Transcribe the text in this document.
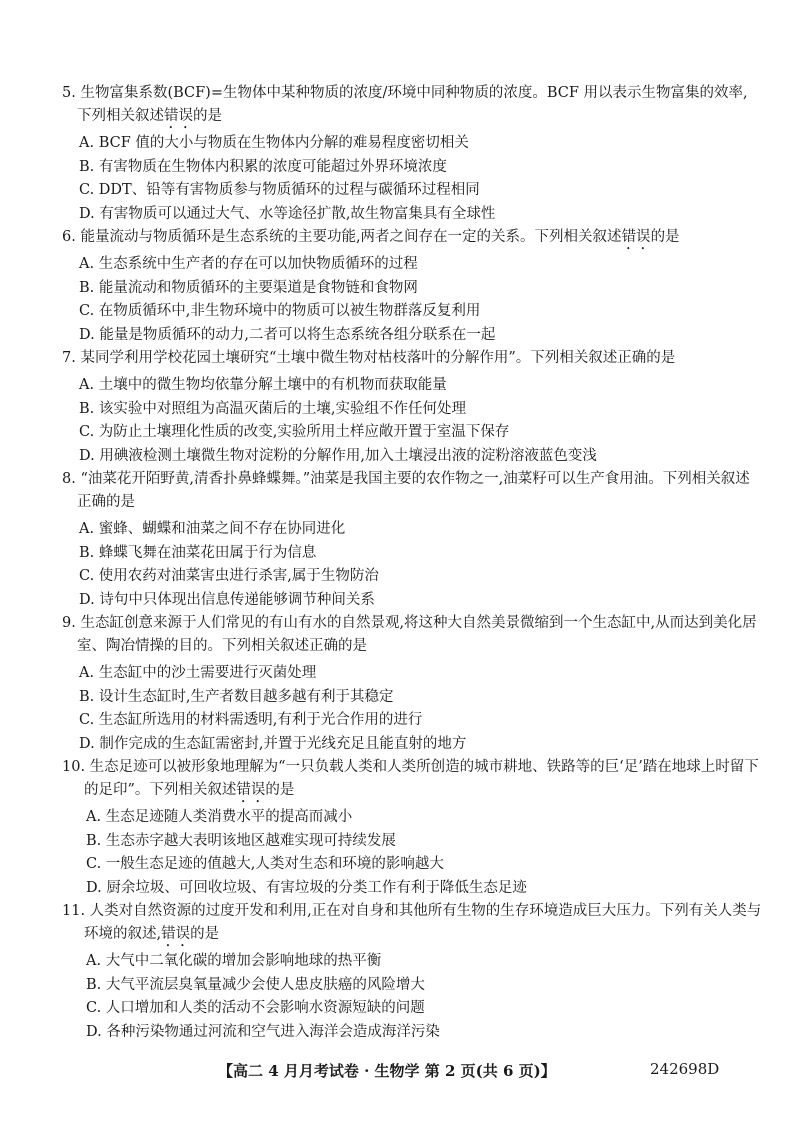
5. 生物富集系数(BCF)=生物体中某种物质的浓度/环境中同种物质的浓度。BCF 用以表示生物富集的效率,下列相关叙述错误的是
A. BCF 值的大小与物质在生物体内分解的难易程度密切相关
B. 有害物质在生物体内积累的浓度可能超过外界环境浓度
C. DDT、铅等有害物质参与物质循环的过程与碳循环过程相同
D. 有害物质可以通过大气、水等途径扩散,故生物富集具有全球性
6. 能量流动与物质循环是生态系统的主要功能,两者之间存在一定的关系。下列相关叙述错误的是
A. 生态系统中生产者的存在可以加快物质循环的过程
B. 能量流动和物质循环的主要渠道是食物链和食物网
C. 在物质循环中,非生物环境中的物质可以被生物群落反复利用
D. 能量是物质循环的动力,二者可以将生态系统各组分联系在一起
7. 某同学利用学校花园土壤研究“土壤中微生物对枯枝落叶的分解作用”。下列相关叙述正确的是
A. 土壤中的微生物均依靠分解土壤中的有机物而获取能量
B. 该实验中对照组为高温灭菌后的土壤,实验组不作任何处理
C. 为防止土壤理化性质的改变,实验所用土样应敞开置于室温下保存
D. 用碘液检测土壤微生物对淀粉的分解作用,加入土壤浸出液的淀粉溶液蓝色变浅
8. “油菜花开陌野黄,清香扑鼻蜂蝶舞。”油菜是我国主要的农作物之一,油菜籽可以生产食用油。下列相关叙述正确的是
A. 蜜蜂、蝴蝶和油菜之间不存在协同进化
B. 蜂蝶飞舞在油菜花田属于行为信息
C. 使用农药对油菜害虫进行杀害,属于生物防治
D. 诗句中只体现出信息传递能够调节种间关系
9. 生态缸创意来源于人们常见的有山有水的自然景观,将这种大自然美景微缩到一个生态缸中,从而达到美化居室、陶冶情操的目的。下列相关叙述正确的是
A. 生态缸中的沙土需要进行灭菌处理
B. 设计生态缸时,生产者数目越多越有利于其稳定
C. 生态缸所选用的材料需透明,有利于光合作用的进行
D. 制作完成的生态缸需密封,并置于光线充足且能直射的地方
10. 生态足迹可以被形象地理解为“一只负载人类和人类所创造的城市耕地、铁路等的巨‘足’踏在地球上时留下的足印”。下列相关叙述错误的是
A. 生态足迹随人类消费水平的提高而减小
B. 生态赤字越大表明该地区越难实现可持续发展
C. 一般生态足迹的值越大,人类对生态和环境的影响越大
D. 厨余垃圾、可回收垃圾、有害垃圾的分类工作有利于降低生态足迹
11. 人类对自然资源的过度开发和利用,正在对自身和其他所有生物的生存环境造成巨大压力。下列有关人类与环境的叙述,错误的是
A. 大气中二氧化碳的增加会影响地球的热平衡
B. 大气平流层臭氧量减少会使人患皮肤癌的风险增大
C. 人口增加和人类的活动不会影响水资源短缺的问题
D. 各种污染物通过河流和空气进入海洋会造成海洋污染
【高二 4 月月考试卷 · 生物学 第 2 页(共 6 页)】	242698D
